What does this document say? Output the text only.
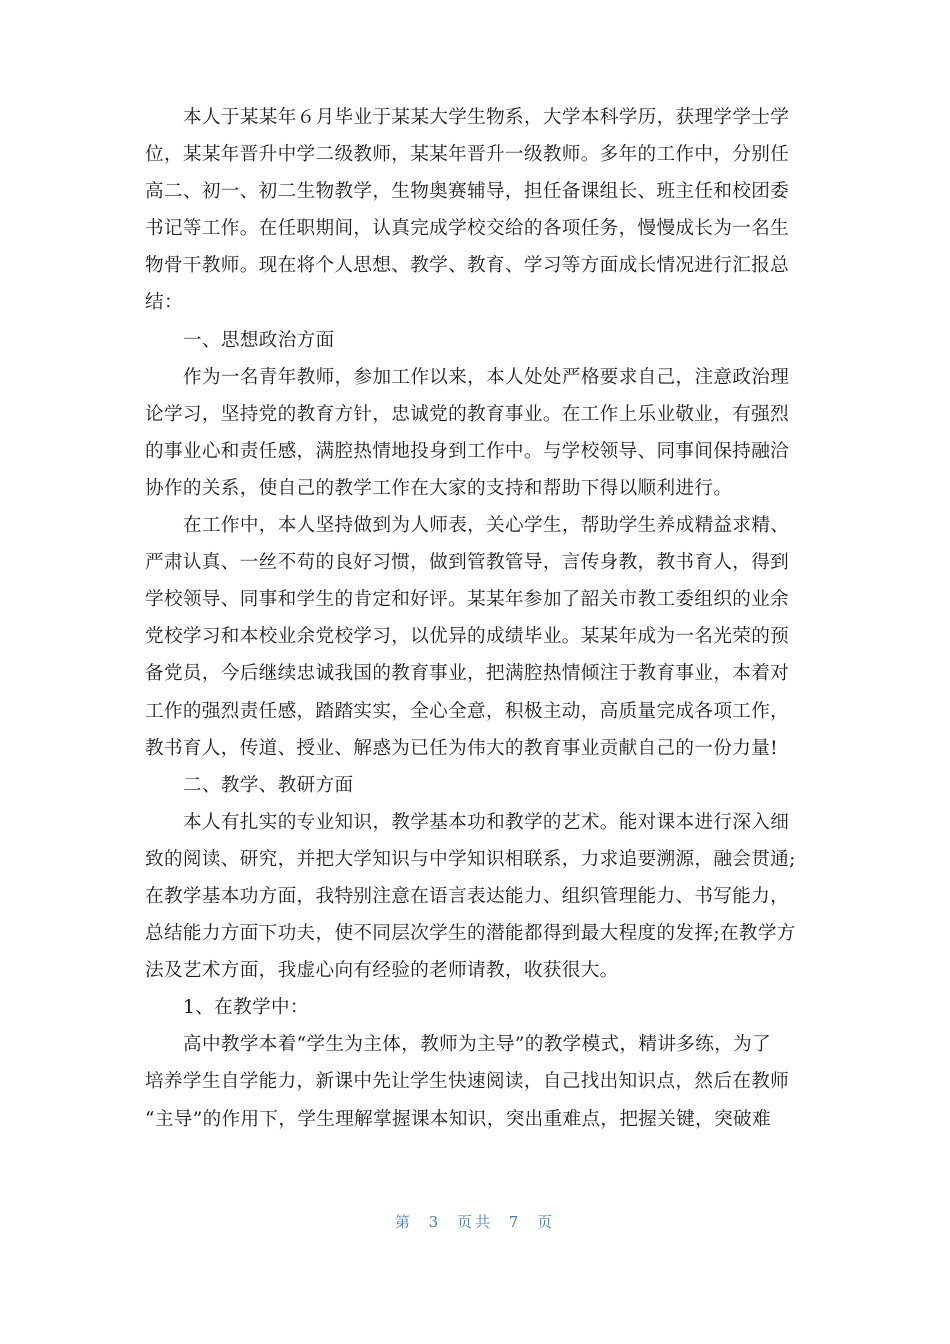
本人于某某年６月毕业于某某大学生物系，大学本科学历，获理学学士学
位，某某年晋升中学二级教师，某某年晋升一级教师。多年的工作中，分别任
高二、初一、初二生物教学，生物奥赛辅导，担任备课组长、班主任和校团委
书记等工作。在任职期间，认真完成学校交给的各项任务，慢慢成长为一名生
物骨干教师。现在将个人思想、教学、教育、学习等方面成长情况进行汇报总
结：
一、思想政治方面
作为一名青年教师，参加工作以来，本人处处严格要求自己，注意政治理
论学习，坚持党的教育方针，忠诚党的教育事业。在工作上乐业敬业，有强烈
的事业心和责任感，满腔热情地投身到工作中。与学校领导、同事间保持融洽
协作的关系，使自己的教学工作在大家的支持和帮助下得以顺利进行。
在工作中，本人坚持做到为人师表，关心学生，帮助学生养成精益求精、
严肃认真、一丝不苟的良好习惯，做到管教管导，言传身教，教书育人，得到
学校领导、同事和学生的肯定和好评。某某年参加了韶关市教工委组织的业余
党校学习和本校业余党校学习，以优异的成绩毕业。某某年成为一名光荣的预
备党员，今后继续忠诚我国的教育事业，把满腔热情倾注于教育事业，本着对
工作的强烈责任感，踏踏实实，全心全意，积极主动，高质量完成各项工作，
教书育人，传道、授业、解惑为已任为伟大的教育事业贡献自己的一份力量!
二、教学、教研方面
本人有扎实的专业知识，教学基本功和教学的艺术。能对课本进行深入细
致的阅读、研究，并把大学知识与中学知识相联系，力求追要溯源，融会贯通;
在教学基本功方面，我特别注意在语言表达能力、组织管理能力、书写能力，
总结能力方面下功夫，使不同层次学生的潜能都得到最大程度的发挥;在教学方
法及艺术方面，我虚心向有经验的老师请教，收获很大。
1、在教学中：
高中教学本着“学生为主体，教师为主导”的教学模式，精讲多练，为了
培养学生自学能力，新课中先让学生快速阅读，自己找出知识点，然后在教师
“主导”的作用下，学生理解掌握课本知识，突出重难点，把握关键，突破难
第 3 页共 7 页
